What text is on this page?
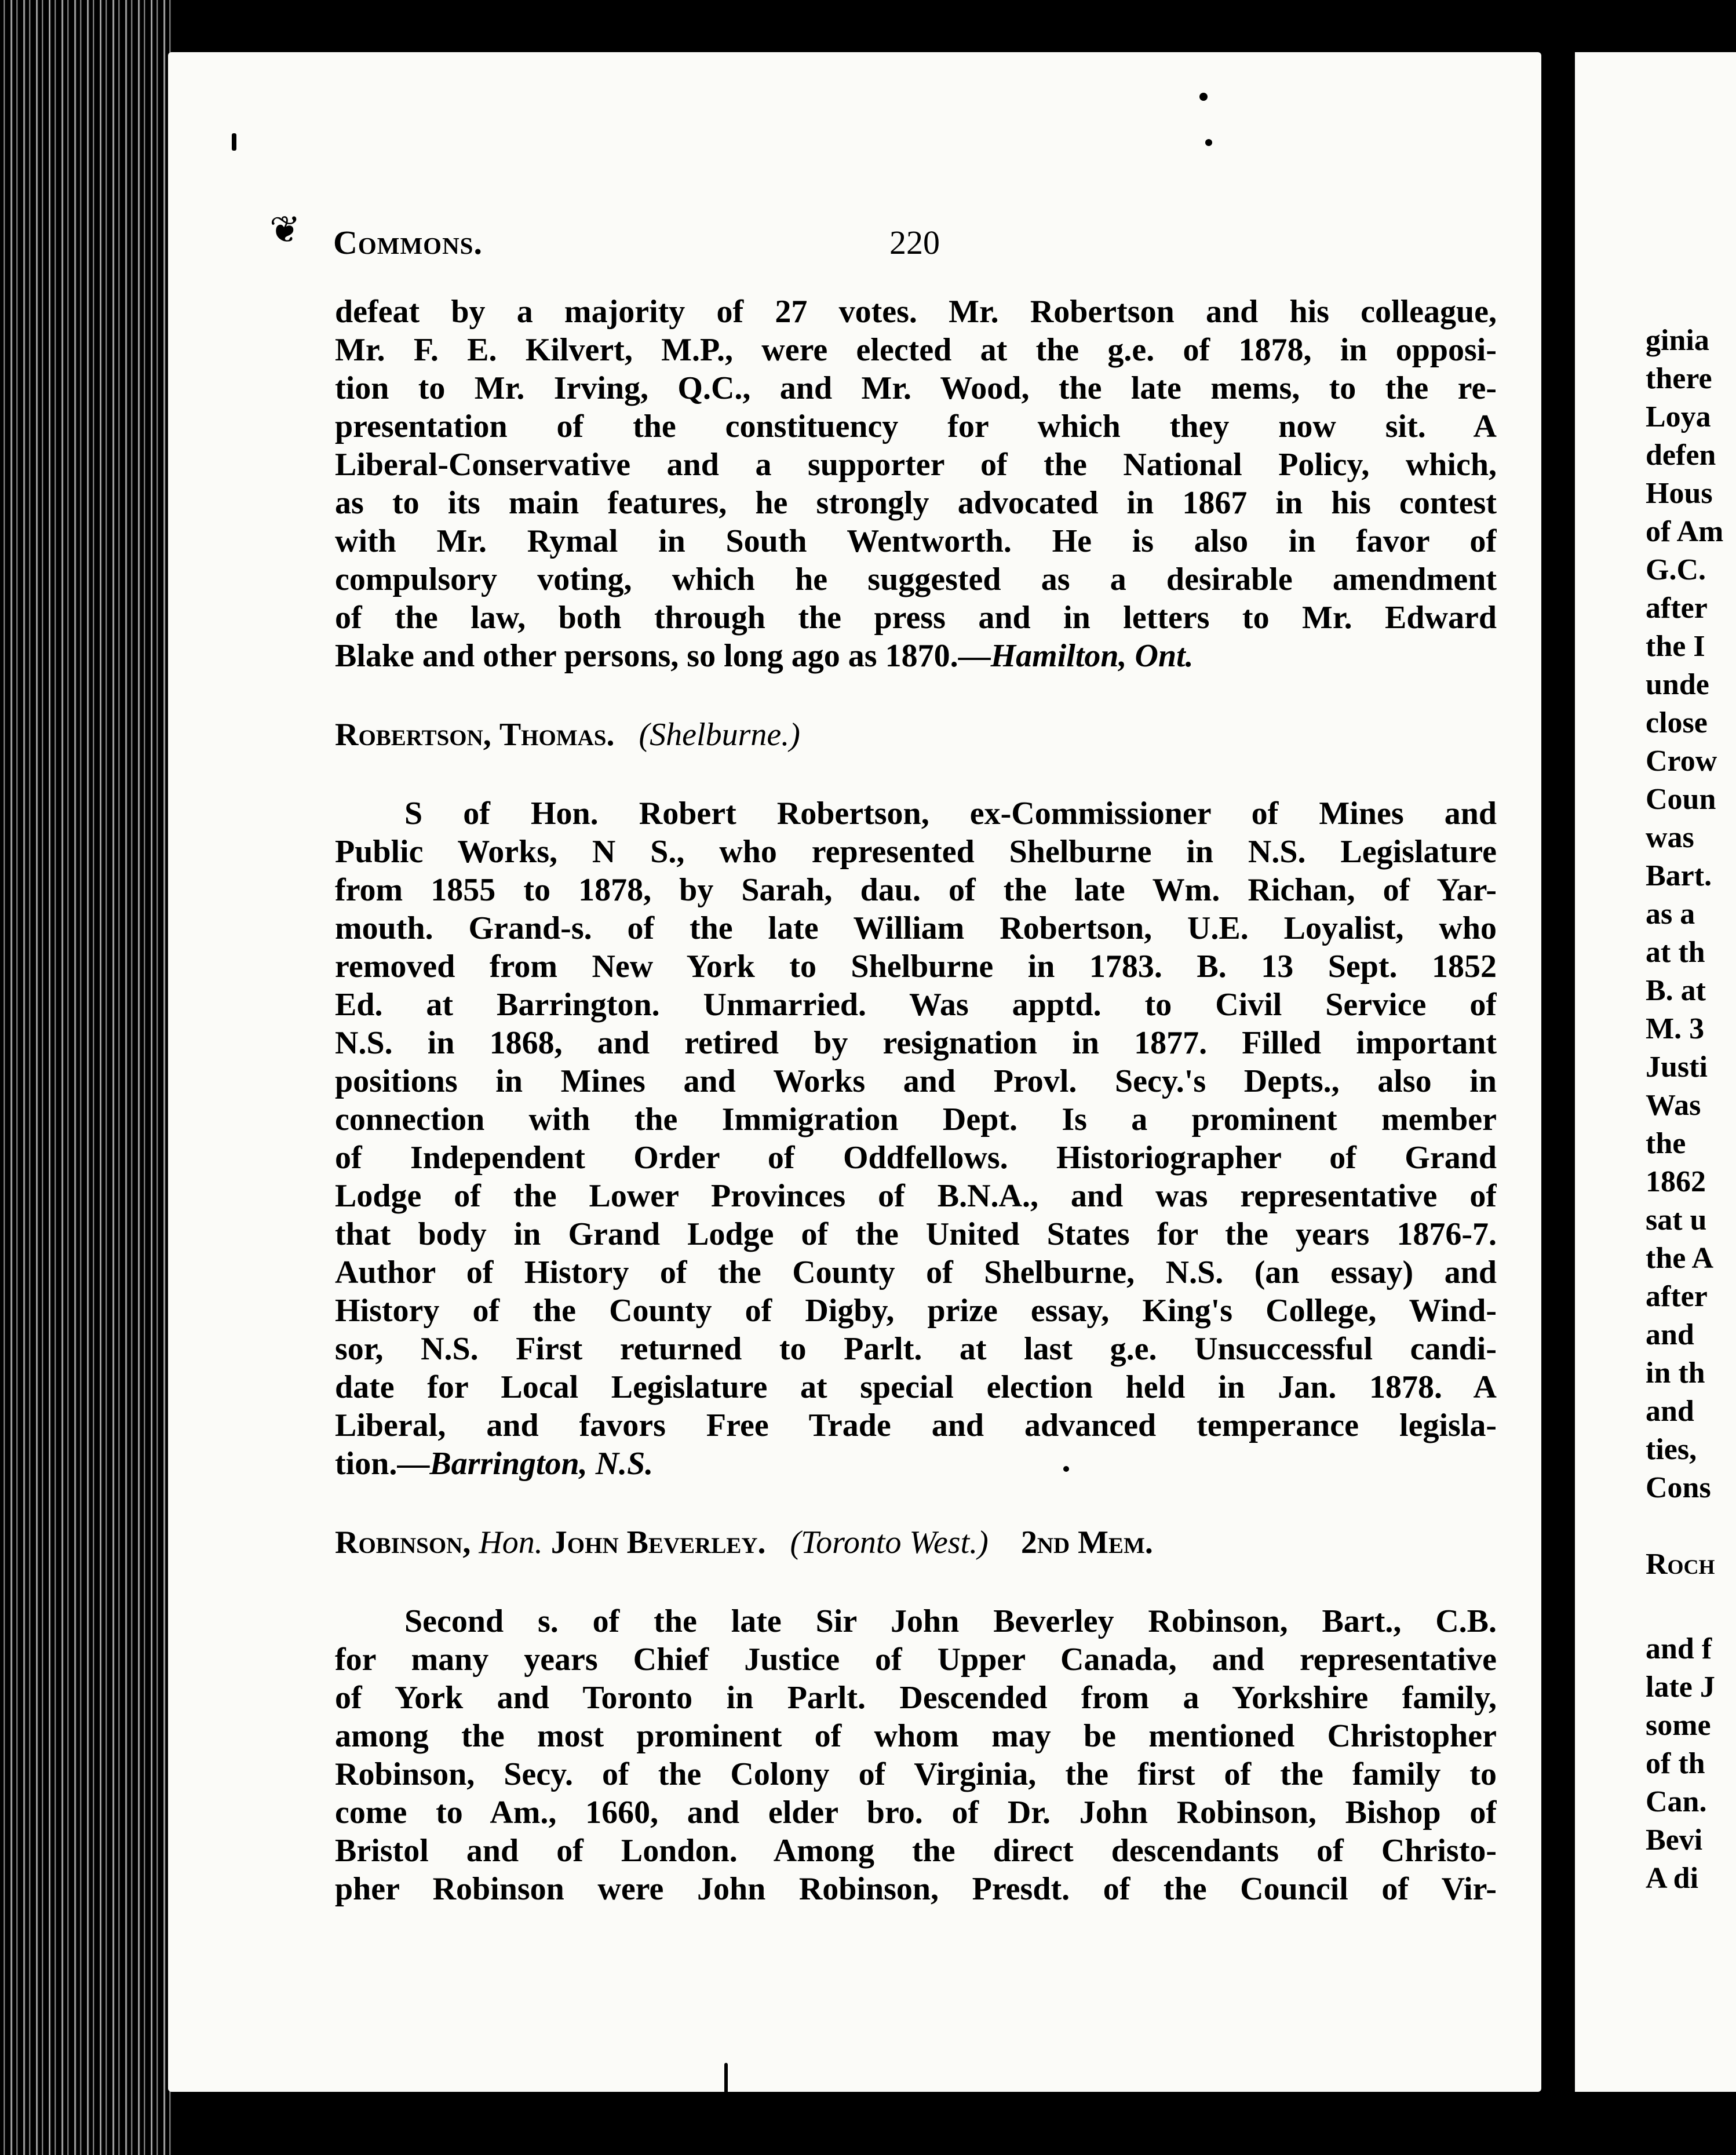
❦ Commons.	220
defeat by a majority of 27 votes. Mr. Robertson and his colleague,
Mr. F. E. Kilvert, M.P., were elected at the g.e. of 1878, in opposi-
tion to Mr. Irving, Q.C., and Mr. Wood, the late mems, to the re-
presentation of the constituency for which they now sit. A
Liberal-Conservative and a supporter of the National Policy, which,
as to its main features, he strongly advocated in 1867 in his contest
with Mr. Rymal in South Wentworth. He is also in favor of
compulsory voting, which he suggested as a desirable amendment
of the law, both through the press and in letters to Mr. Edward
Blake and other persons, so long ago as 1870.—Hamilton, Ont.
Robertson, Thomas. (Shelburne.)
S of Hon. Robert Robertson, ex-Commissioner of Mines and
Public Works, N S., who represented Shelburne in N.S. Legislature
from 1855 to 1878, by Sarah, dau. of the late Wm. Richan, of Yar-
mouth. Grand-s. of the late William Robertson, U.E. Loyalist, who
removed from New York to Shelburne in 1783. B. 13 Sept. 1852
Ed. at Barrington. Unmarried. Was apptd. to Civil Service of
N.S. in 1868, and retired by resignation in 1877. Filled important
positions in Mines and Works and Provl. Secy.'s Depts., also in
connection with the Immigration Dept. Is a prominent member
of Independent Order of Oddfellows. Historiographer of Grand
Lodge of the Lower Provinces of B.N.A., and was representative of
that body in Grand Lodge of the United States for the years 1876-7.
Author of History of the County of Shelburne, N.S. (an essay) and
History of the County of Digby, prize essay, King's College, Wind-
sor, N.S. First returned to Parlt. at last g.e. Unsuccessful candi-
date for Local Legislature at special election held in Jan. 1878. A
Liberal, and favors Free Trade and advanced temperance legisla-
tion.—Barrington, N.S.
Robinson, Hon. John Beverley. (Toronto West.) 2nd Mem.
Second s. of the late Sir John Beverley Robinson, Bart., C.B.
for many years Chief Justice of Upper Canada, and representative
of York and Toronto in Parlt. Descended from a Yorkshire family,
among the most prominent of whom may be mentioned Christopher
Robinson, Secy. of the Colony of Virginia, the first of the family to
come to Am., 1660, and elder bro. of Dr. John Robinson, Bishop of
Bristol and of London. Among the direct descendants of Christo-
pher Robinson were John Robinson, Presdt. of the Council of Vir-
ginia
there
Loya
defen
Hous
of Am
G.C.
after
the I
unde
close
Crow
Coun
was
Bart.
as a
at th
B. at
M. 3
Justi
Was
the
1862
sat u
the A
after
and
in th
and
ties,
Cons
Roch
and f
late J
some
of th
Can.
Bevi
A di
